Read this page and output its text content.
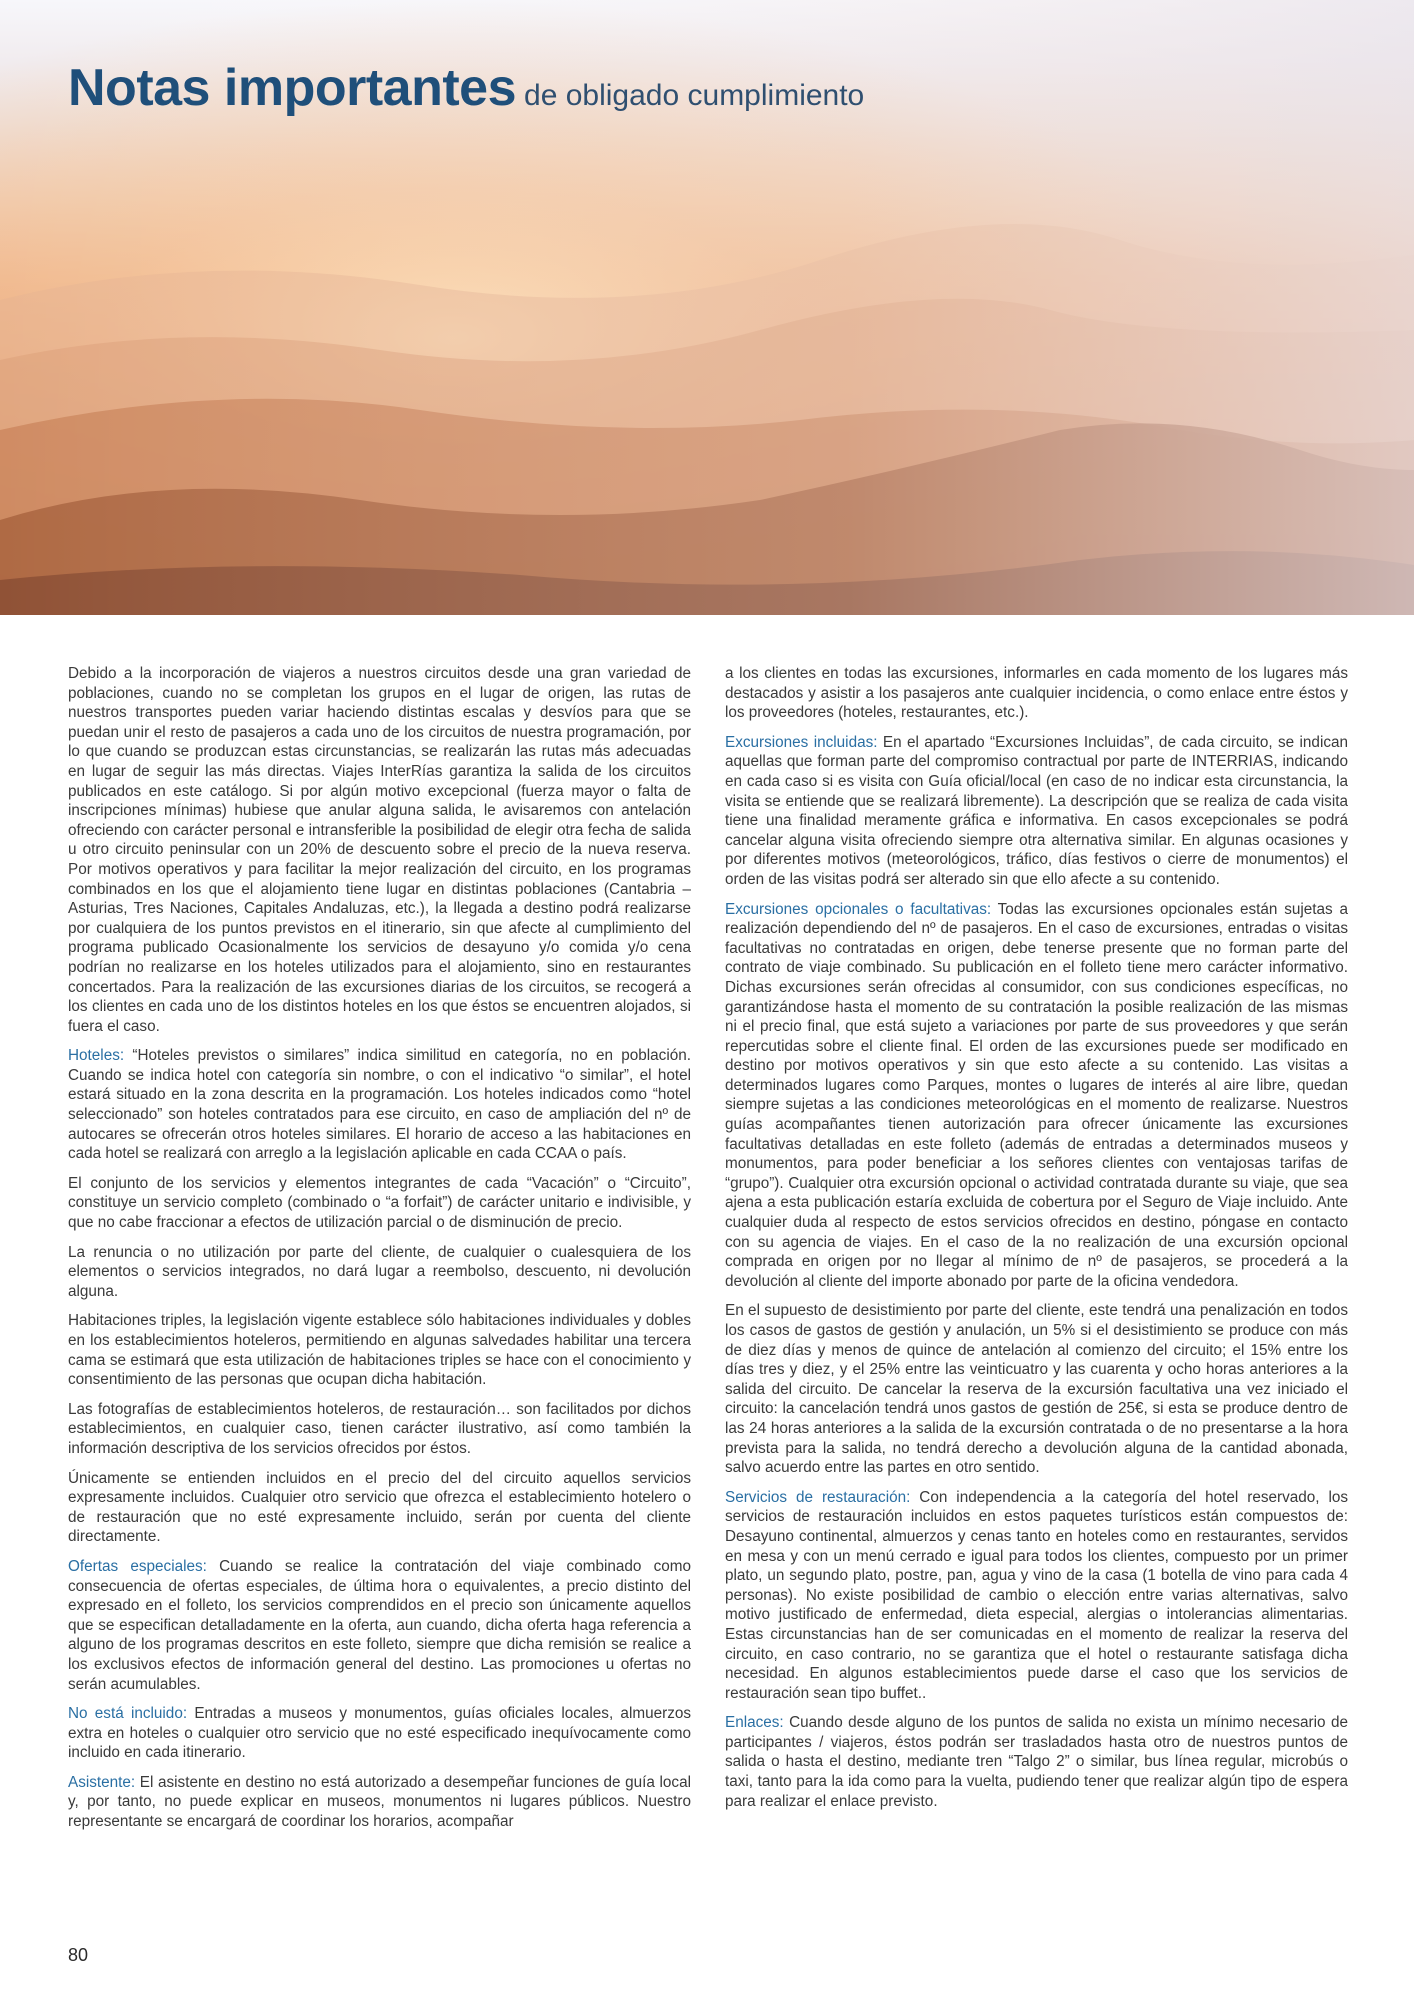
Notas importantes de obligado cumplimiento

Debido a la incorporación de viajeros a nuestros circuitos desde una gran variedad de poblaciones, cuando no se completan los grupos en el lugar de origen, las rutas de nuestros transportes pueden variar haciendo distintas escalas y desvíos para que se puedan unir el resto de pasajeros a cada uno de los circuitos de nuestra programación, por lo que cuando se produzcan estas circunstancias, se realizarán las rutas más adecuadas en lugar de seguir las más directas. Viajes InterRías garantiza la salida de los circuitos publicados en este catálogo. Si por algún motivo excepcional (fuerza mayor o falta de inscripciones mínimas) hubiese que anular alguna salida, le avisaremos con antelación ofreciendo con carácter personal e intransferible la posibilidad de elegir otra fecha de salida u otro circuito peninsular con un 20% de descuento sobre el precio de la nueva reserva. Por motivos operativos y para facilitar la mejor realización del circuito, en los programas combinados en los que el alojamiento tiene lugar en distintas poblaciones (Cantabria – Asturias, Tres Naciones, Capitales Andaluzas, etc.), la llegada a destino podrá realizarse por cualquiera de los puntos previstos en el itinerario, sin que afecte al cumplimiento del programa publicado Ocasionalmente los servicios de desayuno y/o comida y/o cena podrían no realizarse en los hoteles utilizados para el alojamiento, sino en restaurantes concertados. Para la realización de las excursiones diarias de los circuitos, se recogerá a los clientes en cada uno de los distintos hoteles en los que éstos se encuentren alojados, si fuera el caso.

Hoteles: “Hoteles previstos o similares” indica similitud en categoría, no en población. Cuando se indica hotel con categoría sin nombre, o con el indicativo “o similar”, el hotel estará situado en la zona descrita en la programación. Los hoteles indicados como “hotel seleccionado” son hoteles contratados para ese circuito, en caso de ampliación del nº de autocares se ofrecerán otros hoteles similares. El horario de acceso a las habitaciones en cada hotel se realizará con arreglo a la legislación aplicable en cada CCAA o país.

El conjunto de los servicios y elementos integrantes de cada “Vacación” o “Circuito”, constituye un servicio completo (combinado o “a forfait”) de carácter unitario e indivisible, y que no cabe fraccionar a efectos de utilización parcial o de disminución de precio.

La renuncia o no utilización por parte del cliente, de cualquier o cualesquiera de los elementos o servicios integrados, no dará lugar a reembolso, descuento, ni devolución alguna.

Habitaciones triples, la legislación vigente establece sólo habitaciones individuales y dobles en los establecimientos hoteleros, permitiendo en algunas salvedades habilitar una tercera cama se estimará que esta utilización de habitaciones triples se hace con el conocimiento y consentimiento de las personas que ocupan dicha habitación.

Las fotografías de establecimientos hoteleros, de restauración… son facilitados por dichos establecimientos, en cualquier caso, tienen carácter ilustrativo, así como también la información descriptiva de los servicios ofrecidos por éstos.

Únicamente se entienden incluidos en el precio del del circuito aquellos servicios expresamente incluidos. Cualquier otro servicio que ofrezca el establecimiento hotelero o de restauración que no esté expresamente incluido, serán por cuenta del cliente directamente.

Ofertas especiales: Cuando se realice la contratación del viaje combinado como consecuencia de ofertas especiales, de última hora o equivalentes, a precio distinto del expresado en el folleto, los servicios comprendidos en el precio son únicamente aquellos que se especifican detalladamente en la oferta, aun cuando, dicha oferta haga referencia a alguno de los programas descritos en este folleto, siempre que dicha remisión se realice a los exclusivos efectos de información general del destino. Las promociones u ofertas no serán acumulables.

No está incluido: Entradas a museos y monumentos, guías oficiales locales, almuerzos extra en hoteles o cualquier otro servicio que no esté especificado inequívocamente como incluido en cada itinerario.

Asistente: El asistente en destino no está autorizado a desempeñar funciones de guía local y, por tanto, no puede explicar en museos, monumentos ni lugares públicos. Nuestro representante se encargará de coordinar los horarios, acompañar

a los clientes en todas las excursiones, informarles en cada momento de los lugares más destacados y asistir a los pasajeros ante cualquier incidencia, o como enlace entre éstos y los proveedores (hoteles, restaurantes, etc.).

Excursiones incluidas: En el apartado “Excursiones Incluidas”, de cada circuito, se indican aquellas que forman parte del compromiso contractual por parte de INTERRIAS, indicando en cada caso si es visita con Guía oficial/local (en caso de no indicar esta circunstancia, la visita se entiende que se realizará libremente). La descripción que se realiza de cada visita tiene una finalidad meramente gráfica e informativa. En casos excepcionales se podrá cancelar alguna visita ofreciendo siempre otra alternativa similar. En algunas ocasiones y por diferentes motivos (meteorológicos, tráfico, días festivos o cierre de monumentos) el orden de las visitas podrá ser alterado sin que ello afecte a su contenido.

Excursiones opcionales o facultativas: Todas las excursiones opcionales están sujetas a realización dependiendo del nº de pasajeros. En el caso de excursiones, entradas o visitas facultativas no contratadas en origen, debe tenerse presente que no forman parte del contrato de viaje combinado. Su publicación en el folleto tiene mero carácter informativo. Dichas excursiones serán ofrecidas al consumidor, con sus condiciones específicas, no garantizándose hasta el momento de su contratación la posible realización de las mismas ni el precio final, que está sujeto a variaciones por parte de sus proveedores y que serán repercutidas sobre el cliente final. El orden de las excursiones puede ser modificado en destino por motivos operativos y sin que esto afecte a su contenido. Las visitas a determinados lugares como Parques, montes o lugares de interés al aire libre, quedan siempre sujetas a las condiciones meteorológicas en el momento de realizarse. Nuestros guías acompañantes tienen autorización para ofrecer únicamente las excursiones facultativas detalladas en este folleto (además de entradas a determinados museos y monumentos, para poder beneficiar a los señores clientes con ventajosas tarifas de “grupo”). Cualquier otra excursión opcional o actividad contratada durante su viaje, que sea ajena a esta publicación estaría excluida de cobertura por el Seguro de Viaje incluido. Ante cualquier duda al respecto de estos servicios ofrecidos en destino, póngase en contacto con su agencia de viajes. En el caso de la no realización de una excursión opcional comprada en origen por no llegar al mínimo de nº de pasajeros, se procederá a la devolución al cliente del importe abonado por parte de la oficina vendedora.

En el supuesto de desistimiento por parte del cliente, este tendrá una penalización en todos los casos de gastos de gestión y anulación, un 5% si el desistimiento se produce con más de diez días y menos de quince de antelación al comienzo del circuito; el 15% entre los días tres y diez, y el 25% entre las veinticuatro y las cuarenta y ocho horas anteriores a la salida del circuito. De cancelar la reserva de la excursión facultativa una vez iniciado el circuito: la cancelación tendrá unos gastos de gestión de 25€, si esta se produce dentro de las 24 horas anteriores a la salida de la excursión contratada o de no presentarse a la hora prevista para la salida, no tendrá derecho a devolución alguna de la cantidad abonada, salvo acuerdo entre las partes en otro sentido.

Servicios de restauración: Con independencia a la categoría del hotel reservado, los servicios de restauración incluidos en estos paquetes turísticos están compuestos de: Desayuno continental, almuerzos y cenas tanto en hoteles como en restaurantes, servidos en mesa y con un menú cerrado e igual para todos los clientes, compuesto por un primer plato, un segundo plato, postre, pan, agua y vino de la casa (1 botella de vino para cada 4 personas). No existe posibilidad de cambio o elección entre varias alternativas, salvo motivo justificado de enfermedad, dieta especial, alergias o intolerancias alimentarias. Estas circunstancias han de ser comunicadas en el momento de realizar la reserva del circuito, en caso contrario, no se garantiza que el hotel o restaurante satisfaga dicha necesidad. En algunos establecimientos puede darse el caso que los servicios de restauración sean tipo buffet..

Enlaces: Cuando desde alguno de los puntos de salida no exista un mínimo necesario de participantes / viajeros, éstos podrán ser trasladados hasta otro de nuestros puntos de salida o hasta el destino, mediante tren “Talgo 2” o similar, bus línea regular, microbús o taxi, tanto para la ida como para la vuelta, pudiendo tener que realizar algún tipo de espera para realizar el enlace previsto.

80
